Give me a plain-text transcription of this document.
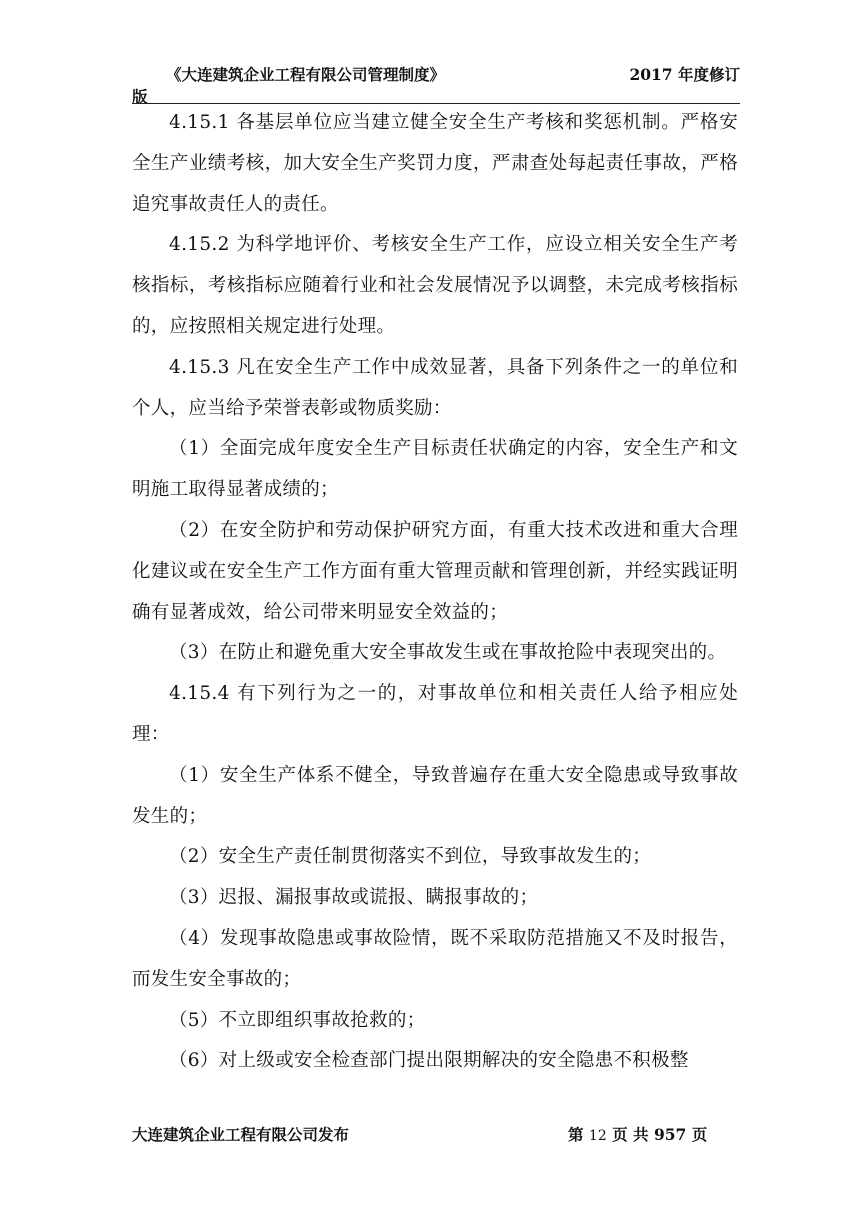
《大连建筑企业工程有限公司管理制度》	2017 年度修订
版

4.15.1 各基层单位应当建立健全安全生产考核和奖惩机制。严格安全生产业绩考核，加大安全生产奖罚力度，严肃查处每起责任事故，严格追究事故责任人的责任。

4.15.2 为科学地评价、考核安全生产工作，应设立相关安全生产考核指标，考核指标应随着行业和社会发展情况予以调整，未完成考核指标的，应按照相关规定进行处理。

4.15.3 凡在安全生产工作中成效显著，具备下列条件之一的单位和个人，应当给予荣誉表彰或物质奖励：

（1）全面完成年度安全生产目标责任状确定的内容，安全生产和文明施工取得显著成绩的；

（2）在安全防护和劳动保护研究方面，有重大技术改进和重大合理化建议或在安全生产工作方面有重大管理贡献和管理创新，并经实践证明确有显著成效，给公司带来明显安全效益的；

（3）在防止和避免重大安全事故发生或在事故抢险中表现突出的。

4.15.4 有下列行为之一的，对事故单位和相关责任人给予相应处理：

（1）安全生产体系不健全，导致普遍存在重大安全隐患或导致事故发生的；

（2）安全生产责任制贯彻落实不到位，导致事故发生的；

（3）迟报、漏报事故或谎报、瞒报事故的；

（4）发现事故隐患或事故险情，既不采取防范措施又不及时报告，而发生安全事故的；

（5）不立即组织事故抢救的；

（6）对上级或安全检查部门提出限期解决的安全隐患不积极整

大连建筑企业工程有限公司发布	第 12 页 共 957 页
